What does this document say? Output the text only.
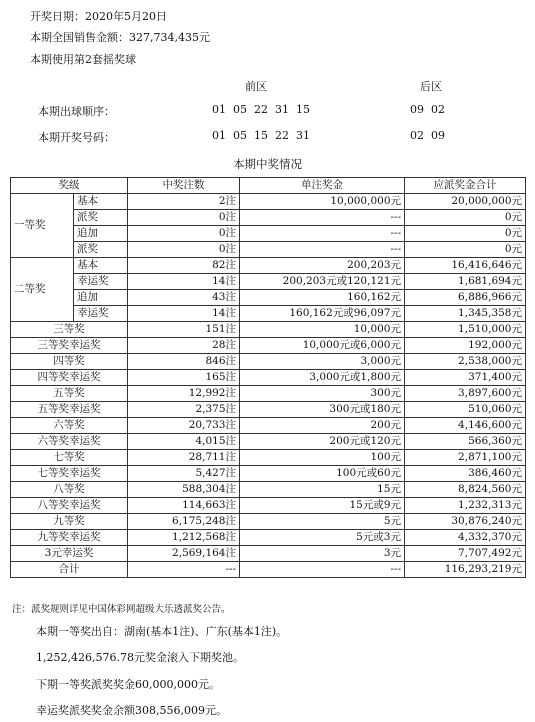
开奖日期：2020年5月20日
本期全国销售金额：327,734,435元
本期使用第2套摇奖球
前区	后区
本期出球顺序：	01  05  22  31  15	09  02
本期开奖号码：	01  05  15  22  31	02  09
本期中奖情况
奖级		中奖注数	单注奖金	应派奖金合计
一等奖	基本	2注	10,000,000元	20,000,000元
	派奖	0注	---	0元
	追加	0注	---	0元
	派奖	0注	---	0元
二等奖	基本	82注	200,203元	16,416,646元
	幸运奖	14注	200,203元或120,121元	1,681,694元
	追加	43注	160,162元	6,886,966元
	幸运奖	14注	160,162元或96,097元	1,345,358元
三等奖		151注	10,000元	1,510,000元
三等奖幸运奖		28注	10,000元或6,000元	192,000元
四等奖		846注	3,000元	2,538,000元
四等奖幸运奖		165注	3,000元或1,800元	371,400元
五等奖		12,992注	300元	3,897,600元
五等奖幸运奖		2,375注	300元或180元	510,060元
六等奖		20,733注	200元	4,146,600元
六等奖幸运奖		4,015注	200元或120元	566,360元
七等奖		28,711注	100元	2,871,100元
七等奖幸运奖		5,427注	100元或60元	386,460元
八等奖		588,304注	15元	8,824,560元
八等奖幸运奖		114,663注	15元或9元	1,232,313元
九等奖		6,175,248注	5元	30,876,240元
九等奖幸运奖		1,212,568注	5元或3元	4,332,370元
3元幸运奖		2,569,164注	3元	7,707,492元
合计		---	---	116,293,219元
注：派奖规则详见中国体彩网超级大乐透派奖公告。
本期一等奖出自：湖南(基本1注)、广东(基本1注)。
1,252,426,576.78元奖金滚入下期奖池。
下期一等奖派奖奖金60,000,000元。
幸运奖派奖奖金余额308,556,009元。
